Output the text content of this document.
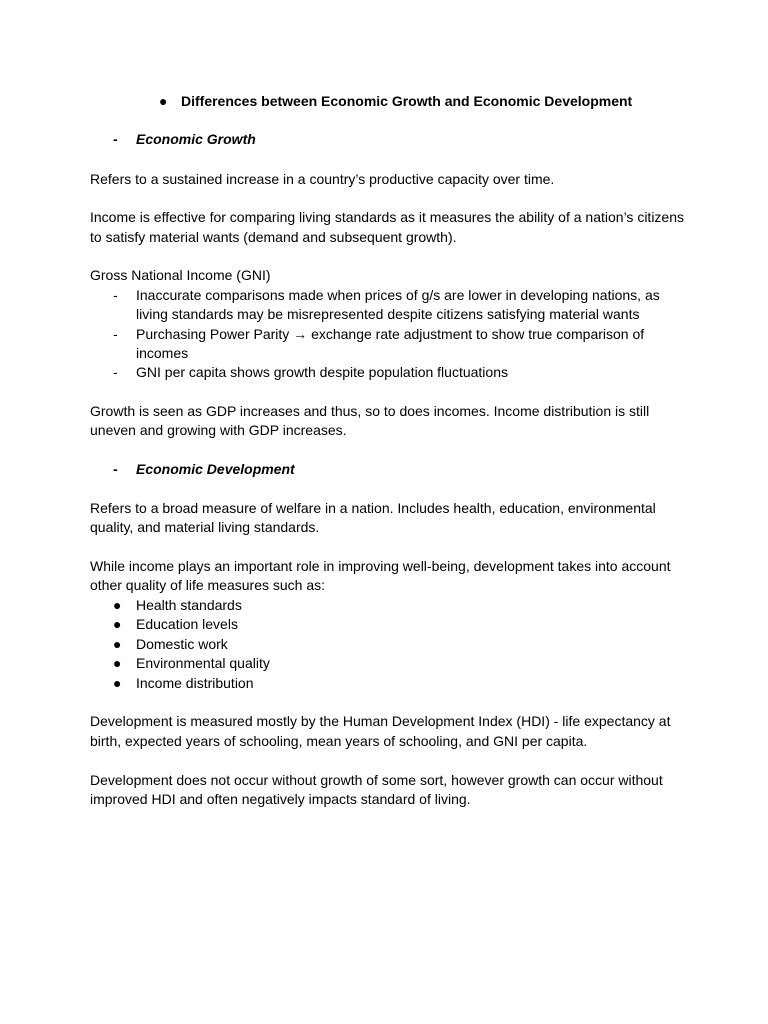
● Differences between Economic Growth and Economic Development
- Economic Growth
Refers to a sustained increase in a country’s productive capacity over time.
Income is effective for comparing living standards as it measures the ability of a nation’s citizens
to satisfy material wants (demand and subsequent growth).
Gross National Income (GNI)
- Inaccurate comparisons made when prices of g/s are lower in developing nations, as
living standards may be misrepresented despite citizens satisfying material wants
- Purchasing Power Parity → exchange rate adjustment to show true comparison of
incomes
- GNI per capita shows growth despite population fluctuations
Growth is seen as GDP increases and thus, so to does incomes. Income distribution is still
uneven and growing with GDP increases.
- Economic Development
Refers to a broad measure of welfare in a nation. Includes health, education, environmental
quality, and material living standards.
While income plays an important role in improving well-being, development takes into account
other quality of life measures such as:
● Health standards
● Education levels
● Domestic work
● Environmental quality
● Income distribution
Development is measured mostly by the Human Development Index (HDI) - life expectancy at
birth, expected years of schooling, mean years of schooling, and GNI per capita.
Development does not occur without growth of some sort, however growth can occur without
improved HDI and often negatively impacts standard of living.
